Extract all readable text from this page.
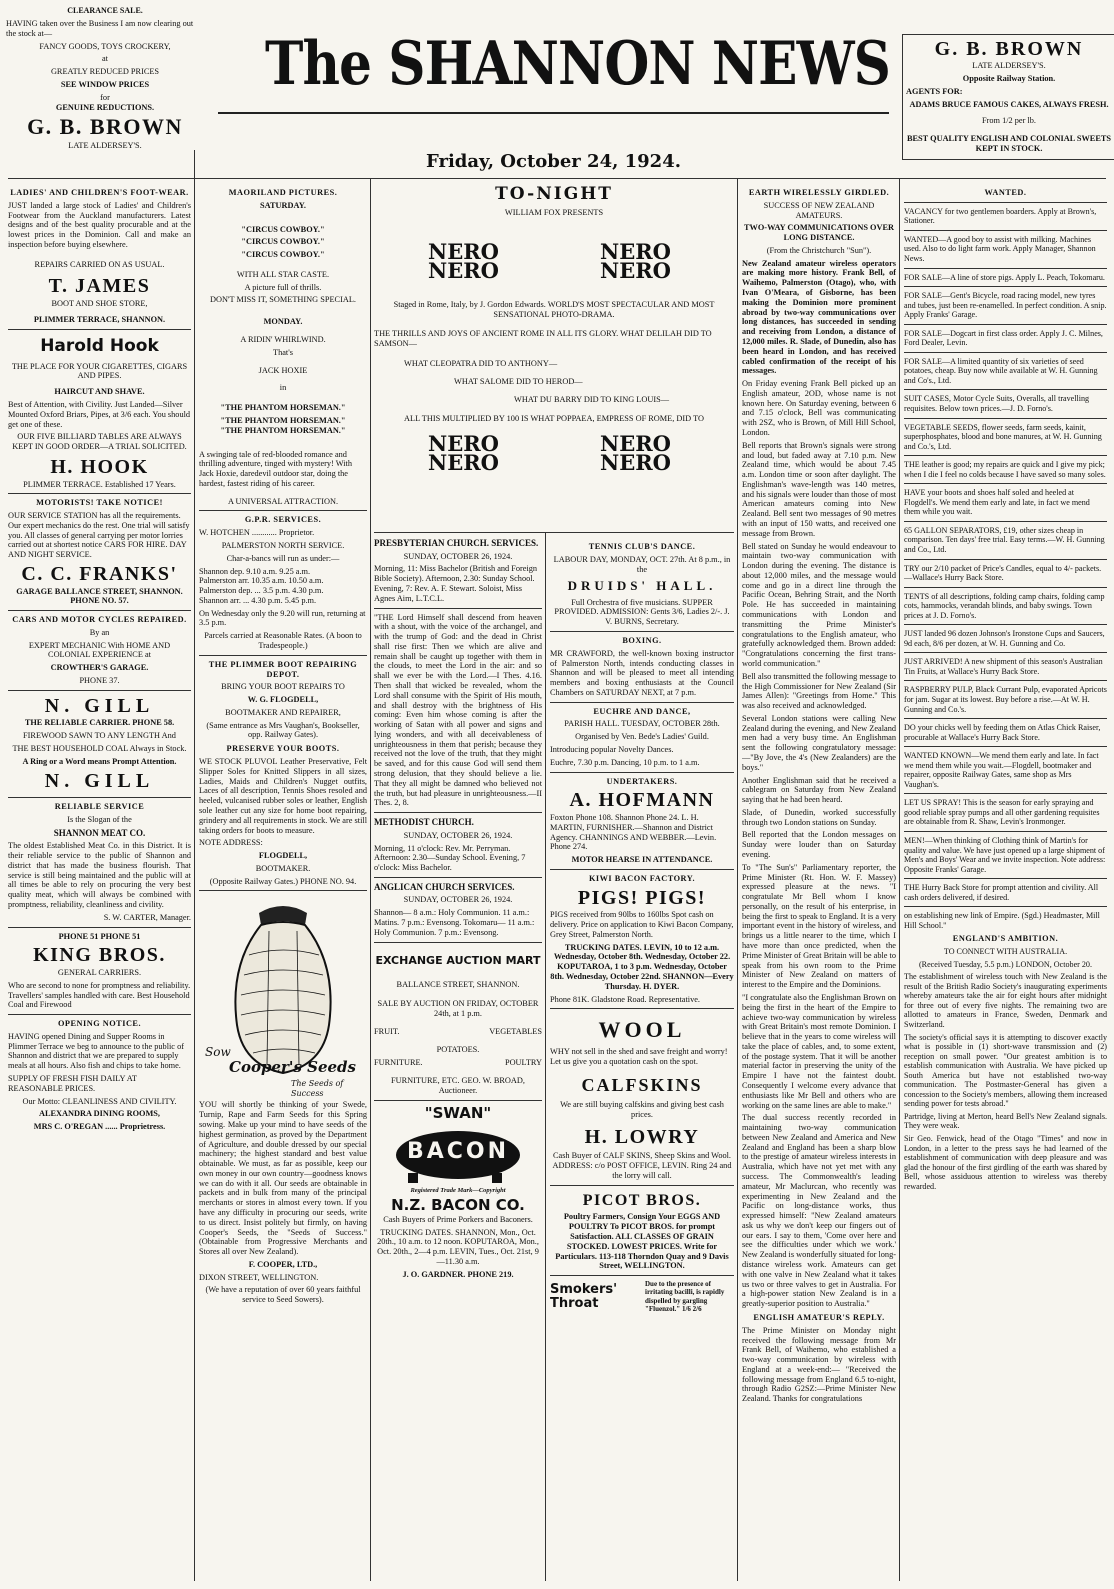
CLEARANCE SALE.

HAVING taken over the Business I am now clearing out the stock at—

FANCY GOODS, TOYS CROCKERY,

at

GREATLY REDUCED PRICES

SEE WINDOW PRICES

for

GENUINE REDUCTIONS.

G. B. BROWN

LATE ALDERSEY'S.

The SHANNON NEWS
Friday, October 24, 1924.
G. B. BROWN

LATE ALDERSEY'S.

Opposite Railway Station.

AGENTS FOR:

ADAMS BRUCE FAMOUS CAKES, ALWAYS FRESH.

From 1/2 per lb.

BEST QUALITY ENGLISH AND COLONIAL SWEETS KEPT IN STOCK.

LADIES' AND CHILDREN'S FOOT-WEAR.

JUST landed a large stock of Ladies' and Children's Footwear from the Auckland manufacturers. Latest designs and of the best quality procurable and at the lowest prices in the Dominion. Call and make an inspection before buying elsewhere.

REPAIRS CARRIED ON AS USUAL.

T. JAMES

BOOT AND SHOE STORE,

PLIMMER TERRACE, SHANNON.

Harold Hook

THE PLACE FOR YOUR CIGARETTES, CIGARS AND PIPES.

HAIRCUT AND SHAVE.

Best of Attention, with Civility. Just Landed—Silver Mounted Oxford Briars, Pipes, at 3/6 each. You should get one of these.

OUR FIVE BILLIARD TABLES ARE ALWAYS KEPT IN GOOD ORDER—A TRIAL SOLICITED.

H. HOOK

PLIMMER TERRACE. Established 17 Years.

MOTORISTS! TAKE NOTICE!

OUR SERVICE STATION has all the requirements. Our expert mechanics do the rest. One trial will satisfy you. All classes of general carrying per motor lorries carried out at shortest notice CARS FOR HIRE. DAY AND NIGHT SERVICE.

C. C. FRANKS'

GARAGE BALLANCE STREET, SHANNON. PHONE NO. 57.

CARS AND MOTOR CYCLES REPAIRED.

By an

EXPERT MECHANIC With HOME AND COLONIAL EXPERIENCE at

CROWTHER'S GARAGE.

PHONE 37.

N. GILL

THE RELIABLE CARRIER. PHONE 58.

FIREWOOD SAWN TO ANY LENGTH And

THE BEST HOUSEHOLD COAL Always in Stock.

A Ring or a Word means Prompt Attention.

N. GILL

RELIABLE SERVICE

Is the Slogan of the

SHANNON MEAT CO.

The oldest Established Meat Co. in this District. It is their reliable service to the public of Shannon and district that has made the business flourish. That service is still being maintained and the public will at all times be able to rely on procuring the very best quality meat, which will always be combined with promptness, reliability, cleanliness and civility.

S. W. CARTER, Manager.

PHONE 51 PHONE 51

KING BROS.

GENERAL CARRIERS.

Who are second to none for promptness and reliability. Travellers' samples handled with care. Best Household Coal and Firewood

OPENING NOTICE.

HAVING opened Dining and Supper Rooms in Plimmer Terrace we beg to announce to the public of Shannon and district that we are prepared to supply meals at all hours. Also fish and chips to take home.

SUPPLY OF FRESH FISH DAILY AT REASONABLE PRICES.

Our Motto: CLEANLINESS AND CIVILITY.

ALEXANDRA DINING ROOMS,

MRS C. O'REGAN ...... Proprietress.

MAORILAND PICTURES.

SATURDAY.

"CIRCUS COWBOY."

"CIRCUS COWBOY."

"CIRCUS COWBOY."

WITH ALL STAR CASTE.

A picture full of thrills.

DON'T MISS IT, SOMETHING SPECIAL.

MONDAY.

A RIDIN' WHIRLWIND.

That's

JACK HOXIE

in

"THE PHANTOM HORSEMAN."

"THE PHANTOM HORSEMAN."

"THE PHANTOM HORSEMAN."

A swinging tale of red-blooded romance and thrilling adventure, tinged with mystery! With Jack Hoxie, daredevil outdoor star, doing the hardest, fastest riding of his career.

A UNIVERSAL ATTRACTION.

G.P.R. SERVICES.

W. HOTCHEN ............ Proprietor.

PALMERSTON NORTH SERVICE.

Char-a-bancs will run as under:—

Shannon dep. 9.10 a.m. 9.25 a.m.

Palmerston arr. 10.35 a.m. 10.50 a.m.

Palmerston dep. ... 3.5 p.m. 4.30 p.m.

Shannon arr. ... 4.30 p.m. 5.45 p.m.

On Wednesday only the 9.20 will run, returning at 3.5 p.m.

Parcels carried at Reasonable Rates. (A boon to Tradespeople.)

THE PLIMMER BOOT REPAIRING DEPOT.

BRING YOUR BOOT REPAIRS TO

W. G. FLOGDELL,

BOOTMAKER AND REPAIRER,

(Same entrance as Mrs Vaughan's, Bookseller, opp. Railway Gates).

PRESERVE YOUR BOOTS.

WE STOCK PLUVOL Leather Preservative, Felt Slipper Soles for Knitted Slippers in all sizes, Ladies, Maids and Children's Nugget outfits, Laces of all description, Tennis Shoes resoled and heeled, vulcanised rubber soles or leather, English sole leather cut any size for home boot repairing, grindery and all requirements in stock. We are still taking orders for boots to measure.

NOTE ADDRESS:

FLOGDELL,

BOOTMAKER.

(Opposite Railway Gates.) PHONE NO. 94.

Sow
Cooper's Seeds
The Seeds of Success

YOU will shortly be thinking of your Swede, Turnip, Rape and Farm Seeds for this Spring sowing. Make up your mind to have seeds of the highest germination, as proved by the Department of Agriculture, and double dressed by our special machinery; the highest standard and best value obtainable. We must, as far as possible, keep our own money in our own country—goodness knows we can do with it all. Our seeds are obtainable in packets and in bulk from many of the principal merchants or stores in almost every town. If you have any difficulty in procuring our seeds, write to us direct. Insist politely but firmly, on having Cooper's Seeds, the "Seeds of Success." (Obtainable from Progressive Merchants and Stores all over New Zealand).

F. COOPER, LTD.,

DIXON STREET, WELLINGTON.

(We have a reputation of over 60 years faithful service to Seed Sowers).

TO-NIGHT

WILLIAM FOX PRESENTS

NERO
NERO
NERO
NERO

Staged in Rome, Italy, by J. Gordon Edwards. WORLD'S MOST SPECTACULAR AND MOST SENSATIONAL PHOTO-DRAMA.

THE THRILLS AND JOYS OF ANCIENT ROME IN ALL ITS GLORY. WHAT DELILAH DID TO SAMSON—

WHAT CLEOPATRA DID TO ANTHONY—

WHAT SALOME DID TO HEROD—

WHAT DU BARRY DID TO KING LOUIS—

ALL THIS MULTIPLIED BY 100 IS WHAT POPPAEA, EMPRESS OF ROME, DID TO

NERO
NERO
NERO
NERO

PRESBYTERIAN CHURCH. SERVICES.

SUNDAY, OCTOBER 26, 1924.

Morning, 11: Miss Bachelor (British and Foreign Bible Society). Afternoon, 2.30: Sunday School. Evening, 7: Rev. A. F. Stewart. Soloist, Miss Agnes Aim, L.T.C.L.

"THE Lord Himself shall descend from heaven with a shout, with the voice of the archangel, and with the trump of God: and the dead in Christ shall rise first: Then we which are alive and remain shall be caught up together with them in the clouds, to meet the Lord in the air: and so shall we ever be with the Lord.—I Thes. 4.16. Then shall that wicked be revealed, whom the Lord shall consume with the Spirit of His mouth, and shall destroy with the brightness of His coming: Even him whose coming is after the working of Satan with all power and signs and lying wonders, and with all deceivableness of unrighteousness in them that perish; because they received not the love of the truth, that they might be saved, and for this cause God will send them strong delusion, that they should believe a lie. That they all might be damned who believed not the truth, but had pleasure in unrighteousness.—II Thes. 2, 8.

METHODIST CHURCH.

SUNDAY, OCTOBER 26, 1924.

Morning, 11 o'clock: Rev. Mr. Perryman. Afternoon: 2.30—Sunday School. Evening, 7 o'clock: Miss Bachelor.

ANGLICAN CHURCH SERVICES.

SUNDAY, OCTOBER 26, 1924.

Shannon— 8 a.m.: Holy Communion. 11 a.m.: Matins. 7 p.m.: Evensong. Tokomaru— 11 a.m.: Holy Communion. 7 p.m.: Evensong.

EXCHANGE AUCTION MART

BALLANCE STREET, SHANNON.

SALE BY AUCTION ON FRIDAY, OCTOBER 24th, at 1 p.m.

FRUIT.	VEGETABLES

POTATOES.

FURNITURE.	POULTRY

FURNITURE, ETC. GEO. W. BROAD, Auctioneer.

"SWAN"
BACON

Registered Trade Mark—Copyright

N.Z. BACON CO.

Cash Buyers of Prime Porkers and Baconers.

TRUCKING DATES. SHANNON, Mon., Oct. 20th., 10 a.m. to 12 noon. KOPUTAROA, Mon., Oct. 20th., 2—4 p.m. LEVIN, Tues., Oct. 21st, 9—11.30 a.m.

J. O. GARDNER. PHONE 219.

TENNIS CLUB'S DANCE.

LABOUR DAY, MONDAY, OCT. 27th. At 8 p.m., in the

DRUIDS' HALL.

Full Orchestra of five musicians. SUPPER PROVIDED. ADMISSION: Gents 3/6, Ladies 2/-. J. V. BURNS, Secretary.

BOXING.

MR CRAWFORD, the well-known boxing instructor of Palmerston North, intends conducting classes in Shannon and will be pleased to meet all intending members and boxing enthusiasts at the Council Chambers on SATURDAY NEXT, at 7 p.m.

EUCHRE AND DANCE,

PARISH HALL. TUESDAY, OCTOBER 28th.

Organised by Ven. Bede's Ladies' Guild.

Introducing popular Novelty Dances.

Euchre, 7.30 p.m. Dancing, 10 p.m. to 1 a.m.

UNDERTAKERS.

A. HOFMANN

Foxton Phone 108. Shannon Phone 24. L. H. MARTIN, FURNISHER.—Shannon and District Agency. CHANNINGS AND WEBBER.—Levin. Phone 274.

MOTOR HEARSE IN ATTENDANCE.

KIWI BACON FACTORY.

PIGS! PIGS!

PIGS received from 90lbs to 160lbs Spot cash on delivery. Price on application to Kiwi Bacon Company, Grey Street, Palmerston North.

TRUCKING DATES. LEVIN, 10 to 12 a.m. Wednesday, October 8th. Wednesday, October 22. KOPUTAROA, 1 to 3 p.m. Wednesday, October 8th. Wednesday, October 22nd. SHANNON—Every Thursday. H. DYER.

Phone 81K. Gladstone Road. Representative.

WOOL

WHY not sell in the shed and save freight and worry! Let us give you a quotation cash on the spot.

CALFSKINS

We are still buying calfskins and giving best cash prices.

H. LOWRY

Cash Buyer of CALF SKINS, Sheep Skins and Wool. ADDRESS: c/o POST OFFICE, LEVIN. Ring 24 and the lorry will call.

PICOT BROS.

Poultry Farmers, Consign Your EGGS AND POULTRY To PICOT BROS. for prompt Satisfaction. ALL CLASSES OF GRAIN STOCKED. LOWEST PRICES. Write for Particulars. 113-118 Thorndon Quay and 9 Davis Street, WELLINGTON.

Smokers' Throat
Due to the presence of irritating bacilli, is rapidly dispelled by gargling "Fluenzol." 1/6 2/6

EARTH WIRELESSLY GIRDLED.

SUCCESS OF NEW ZEALAND AMATEURS.

TWO-WAY COMMUNICATIONS OVER LONG DISTANCE.

(From the Christchurch "Sun").

New Zealand amateur wireless operators are making more history. Frank Bell, of Waihemo, Palmerston (Otago), who, with Ivan O'Meara, of Gisborne, has been making the Dominion more prominent abroad by two-way communications over long distances, has succeeded in sending and receiving from London, a distance of 12,000 miles. R. Slade, of Dunedin, also has been heard in London, and has received cabled confirmation of the receipt of his messages.

On Friday evening Frank Bell picked up an English amateur, 2OD, whose name is not known here. On Saturday evening, between 6 and 7.15 o'clock, Bell was communicating with 2SZ, who is Brown, of Mill Hill School, London.

Bell reports that Brown's signals were strong and loud, but faded away at 7.10 p.m. New Zealand time, which would be about 7.45 a.m. London time or soon after daylight. The Englishman's wave-length was 140 metres, and his signals were louder than those of most American amateurs coming into New Zealand. Bell sent two messages of 90 metres with an input of 150 watts, and received one message from Brown.

Bell stated on Sunday he would endeavour to maintain two-way communication with London during the evening. The distance is about 12,000 miles, and the message would come and go in a direct line through the Pacific Ocean, Behring Strait, and the North Pole. He has succeeded in maintaining communications with London and transmitting the Prime Minister's congratulations to the English amateur, who gratefully acknowledged them. Brown added: "Congratulations concerning the first trans-world communication."

Bell also transmitted the following message to the High Commissioner for New Zealand (Sir James Allen): "Greetings from Home." This was also received and acknowledged.

Several London stations were calling New Zealand during the evening, and New Zealand men had a very busy time. An Englishman sent the following congratulatory message:—"By Jove, the 4's (New Zealanders) are the boys."

Another Englishman said that he received a cablegram on Saturday from New Zealand saying that he had been heard.

Slade, of Dunedin, worked successfully through two London stations on Sunday.

Bell reported that the London messages on Sunday were louder than on Saturday evening.

To "The Sun's" Parliamentary reporter, the Prime Minister (Rt. Hon. W. F. Massey) expressed pleasure at the news. "I congratulate Mr Bell whom I know personally, on the result of his enterprise, in being the first to speak to England. It is a very important event in the history of wireless, and brings us a little nearer to the time, which I have more than once predicted, when the Prime Minister of Great Britain will be able to speak from his own room to the Prime Minister of New Zealand on matters of interest to the Empire and the Dominions.

"I congratulate also the Englishman Brown on being the first in the heart of the Empire to achieve two-way communication by wireless with Great Britain's most remote Dominion. I believe that in the years to come wireless will take the place of cables, and, to some extent, of the postage system. That it will be another material factor in preserving the unity of the Empire I have not the faintest doubt. Consequently I welcome every advance that enthusiasts like Mr Bell and others who are working on the same lines are able to make."

The dual success recently recorded in maintaining two-way communication between New Zealand and America and New Zealand and England has been a sharp blow to the prestige of amateur wireless interests in Australia, which have not yet met with any success. The Commonwealth's leading amateur, Mr Maclurcan, who recently was experimenting in New Zealand and the Pacific on long-distance works, thus expressed himself: "New Zealand amateurs ask us why we don't keep our fingers out of our ears. I say to them, 'Come over here and see the difficulties under which we work.' New Zealand is wonderfully situated for long-distance wireless work. Amateurs can get with one valve in New Zealand what it takes us two or three valves to get in Australia. For a high-power station New Zealand is in a greatly-superior position to Australia."

ENGLISH AMATEUR'S REPLY.

The Prime Minister on Monday night received the following message from Mr Frank Bell, of Waihemo, who established a two-way communication by wireless with England at a week-end:— "Received the following message from England 6.5 to-night, through Radio G2SZ:—Prime Minister New Zealand. Thanks for congratulations

WANTED.

VACANCY for two gentlemen boarders. Apply at Brown's, Stationer.

WANTED—A good boy to assist with milking. Machines used. Also to do light farm work. Apply Manager, Shannon News.

FOR SALE—A line of store pigs. Apply L. Peach, Tokomaru.

FOR SALE—Gent's Bicycle, road racing model, new tyres and tubes, just been re-enamelled. In perfect condition. A snip. Apply Franks' Garage.

FOR SALE—Dogcart in first class order. Apply J. C. Milnes, Ford Dealer, Levin.

FOR SALE—A limited quantity of six varieties of seed potatoes, cheap. Buy now while available at W. H. Gunning and Co's., Ltd.

SUIT CASES, Motor Cycle Suits, Overalls, all travelling requisites. Below town prices.—J. D. Forno's.

VEGETABLE SEEDS, flower seeds, farm seeds, kainit, superphosphates, blood and bone manures, at W. H. Gunning and Co.'s, Ltd.

THE leather is good; my repairs are quick and I give my pick; when I die I feel no colds because I have saved so many soles.

HAVE your boots and shoes half soled and heeled at Flogdell's. We mend them early and late, in fact we mend them while you wait.

65 GALLON SEPARATORS, £19, other sizes cheap in comparison. Ten days' free trial. Easy terms.—W. H. Gunning and Co., Ltd.

TRY our 2/10 packet of Price's Candles, equal to 4/- packets.—Wallace's Hurry Back Store.

TENTS of all descriptions, folding camp chairs, folding camp cots, hammocks, verandah blinds, and baby swings. Town prices at J. D. Forno's.

JUST landed 96 dozen Johnson's Ironstone Cups and Saucers, 9d each, 8/6 per dozen, at W. H. Gunning and Co.

JUST ARRIVED! A new shipment of this season's Australian Tin Fruits, at Wallace's Hurry Back Store.

RASPBERRY PULP, Black Currant Pulp, evaporated Apricots for jam. Sugar at its lowest. Buy before a rise.—At W. H. Gunning and Co.'s.

DO your chicks well by feeding them on Atlas Chick Raiser, procurable at Wallace's Hurry Back Store.

WANTED KNOWN—We mend them early and late. In fact we mend them while you wait.—Flogdell, bootmaker and repairer, opposite Railway Gates, same shop as Mrs Vaughan's.

LET US SPRAY! This is the season for early spraying and good reliable spray pumps and all other gardening requisites are obtainable from R. Shaw, Levin's Ironmonger.

MEN!—When thinking of Clothing think of Martin's for quality and value. We have just opened up a large shipment of Men's and Boys' Wear and we invite inspection. Note address: Opposite Franks' Garage.

THE Hurry Back Store for prompt attention and civility. All cash orders delivered, if desired.

on establishing new link of Empire. (Sgd.) Headmaster, Mill Hill School."

ENGLAND'S AMBITION.

TO CONNECT WITH AUSTRALIA.

(Received Tuesday, 5.5 p.m.) LONDON, October 20.

The establishment of wireless touch with New Zealand is the result of the British Radio Society's inaugurating experiments whereby amateurs take the air for eight hours after midnight for three out of every five nights. The remaining two are allotted to amateurs in France, Sweden, Denmark and Switzerland.

The society's official says it is attempting to discover exactly what is possible in (1) short-wave transmission and (2) reception on small power. "Our greatest ambition is to establish communication with Australia. We have picked up South America but have not established two-way communication. The Postmaster-General has given a concession to the Society's members, allowing them increased sending power for tests abroad."

Partridge, living at Merton, heard Bell's New Zealand signals. They were weak.

Sir Geo. Fenwick, head of the Otago "Times" and now in London, in a letter to the press says he had learned of the establishment of communication with deep pleasure and was glad the honour of the first girdling of the earth was shared by Bell, whose assiduous attention to wireless was thereby rewarded.
